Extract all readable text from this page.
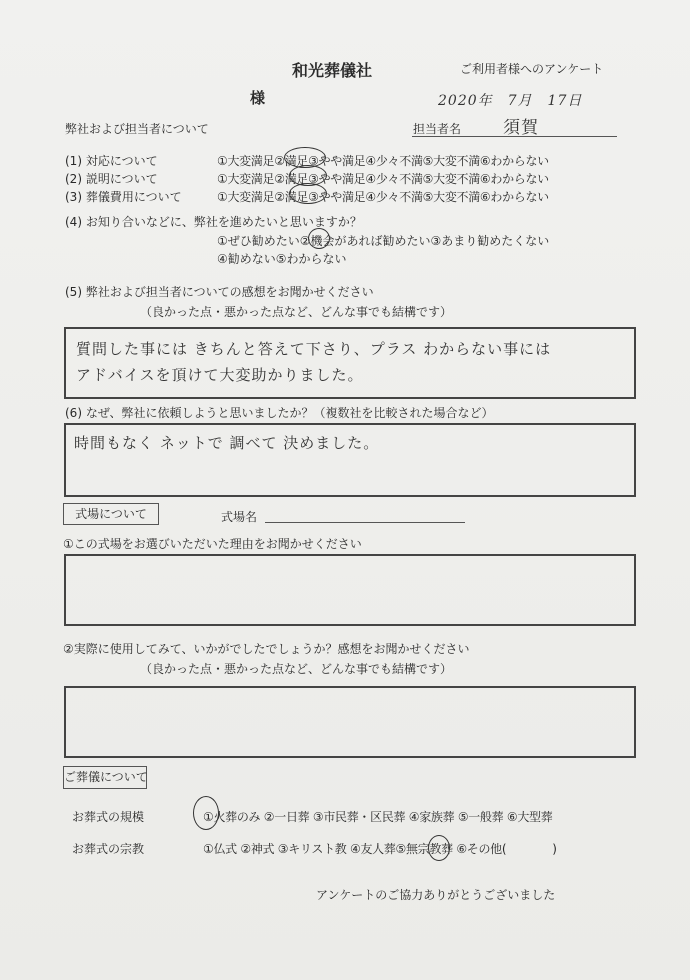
和光葬儀社	ご利用者様へのアンケート
様	2020年　7月　17日
弊社および担当者について	担当者名 須賀
(1) 対応について	①大変満足②満足③やや満足④少々不満⑤大変不満⑥わからない
(2) 説明について	①大変満足②満足③やや満足④少々不満⑤大変不満⑥わからない
(3) 葬儀費用について	①大変満足②満足③やや満足④少々不満⑤大変不満⑥わからない
(4) お知り合いなどに、弊社を進めたいと思いますか？
①ぜひ勧めたい②機会があれば勧めたい③あまり勧めたくない
④勧めない⑤わからない
(5) 弊社および担当者についての感想をお聞かせください
（良かった点・悪かった点など、どんな事でも結構です）
質問した事には きちんと答えて下さり、プラス わからない事には
アドバイスを頂けて大変助かりました。
(6) なぜ、弊社に依頼しようと思いましたか？（複数社を比較された場合など）
時間もなく ネットで 調べて 決めました。
式場について	式場名
①この式場をお選びいただいた理由をお聞かせください
②実際に使用してみて、いかがでしたでしょうか？感想をお聞かせください
（良かった点・悪かった点など、どんな事でも結構です）
ご葬儀について
お葬式の規模	①火葬のみ ②一日葬 ③市民葬・区民葬 ④家族葬 ⑤一般葬 ⑥大型葬
お葬式の宗教	①仏式 ②神式 ③キリスト教 ④友人葬⑤無宗教葬 ⑥その他(	)
アンケートのご協力ありがとうございました
